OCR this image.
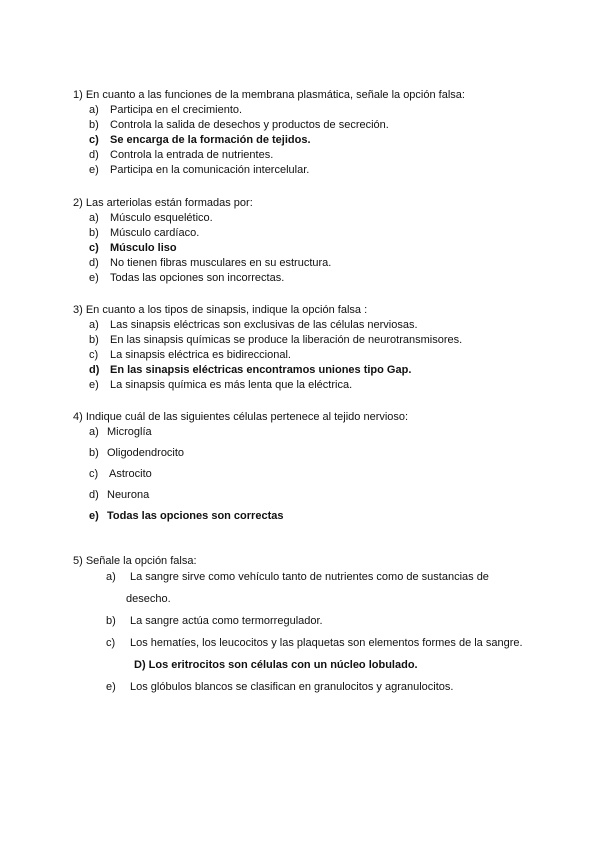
1) En cuanto a las funciones de la membrana plasmática, señale la opción falsa:
a) Participa en el crecimiento.
b) Controla la salida de desechos y productos de secreción.
c) Se encarga de la formación de tejidos.
d) Controla la entrada de nutrientes.
e) Participa en la comunicación intercelular.
2) Las arteriolas están formadas por:
a) Músculo esquelético.
b) Músculo cardíaco.
c) Músculo liso
d) No tienen fibras musculares en su estructura.
e) Todas las opciones son incorrectas.
3) En cuanto a los tipos de sinapsis, indique la opción falsa :
a) Las sinapsis eléctricas son exclusivas de las células nerviosas.
b) En las sinapsis químicas se produce la liberación de neurotransmisores.
c) La sinapsis eléctrica es bidireccional.
d) En las sinapsis eléctricas encontramos uniones tipo Gap.
e) La sinapsis química es más lenta que la eléctrica.
4) Indique cuál de las siguientes células pertenece al tejido nervioso:
a) Microglía
b) Oligodendrocito
c) Astrocito
d) Neurona
e) Todas las opciones son correctas
5) Señale la opción falsa:
a) La sangre sirve como vehículo tanto de nutrientes como de sustancias de
desecho.
b) La sangre actúa como termorregulador.
c) Los hematíes, los leucocitos y las plaquetas son elementos formes de la sangre.
D) Los eritrocitos son células con un núcleo lobulado.
e) Los glóbulos blancos se clasifican en granulocitos y agranulocitos.
